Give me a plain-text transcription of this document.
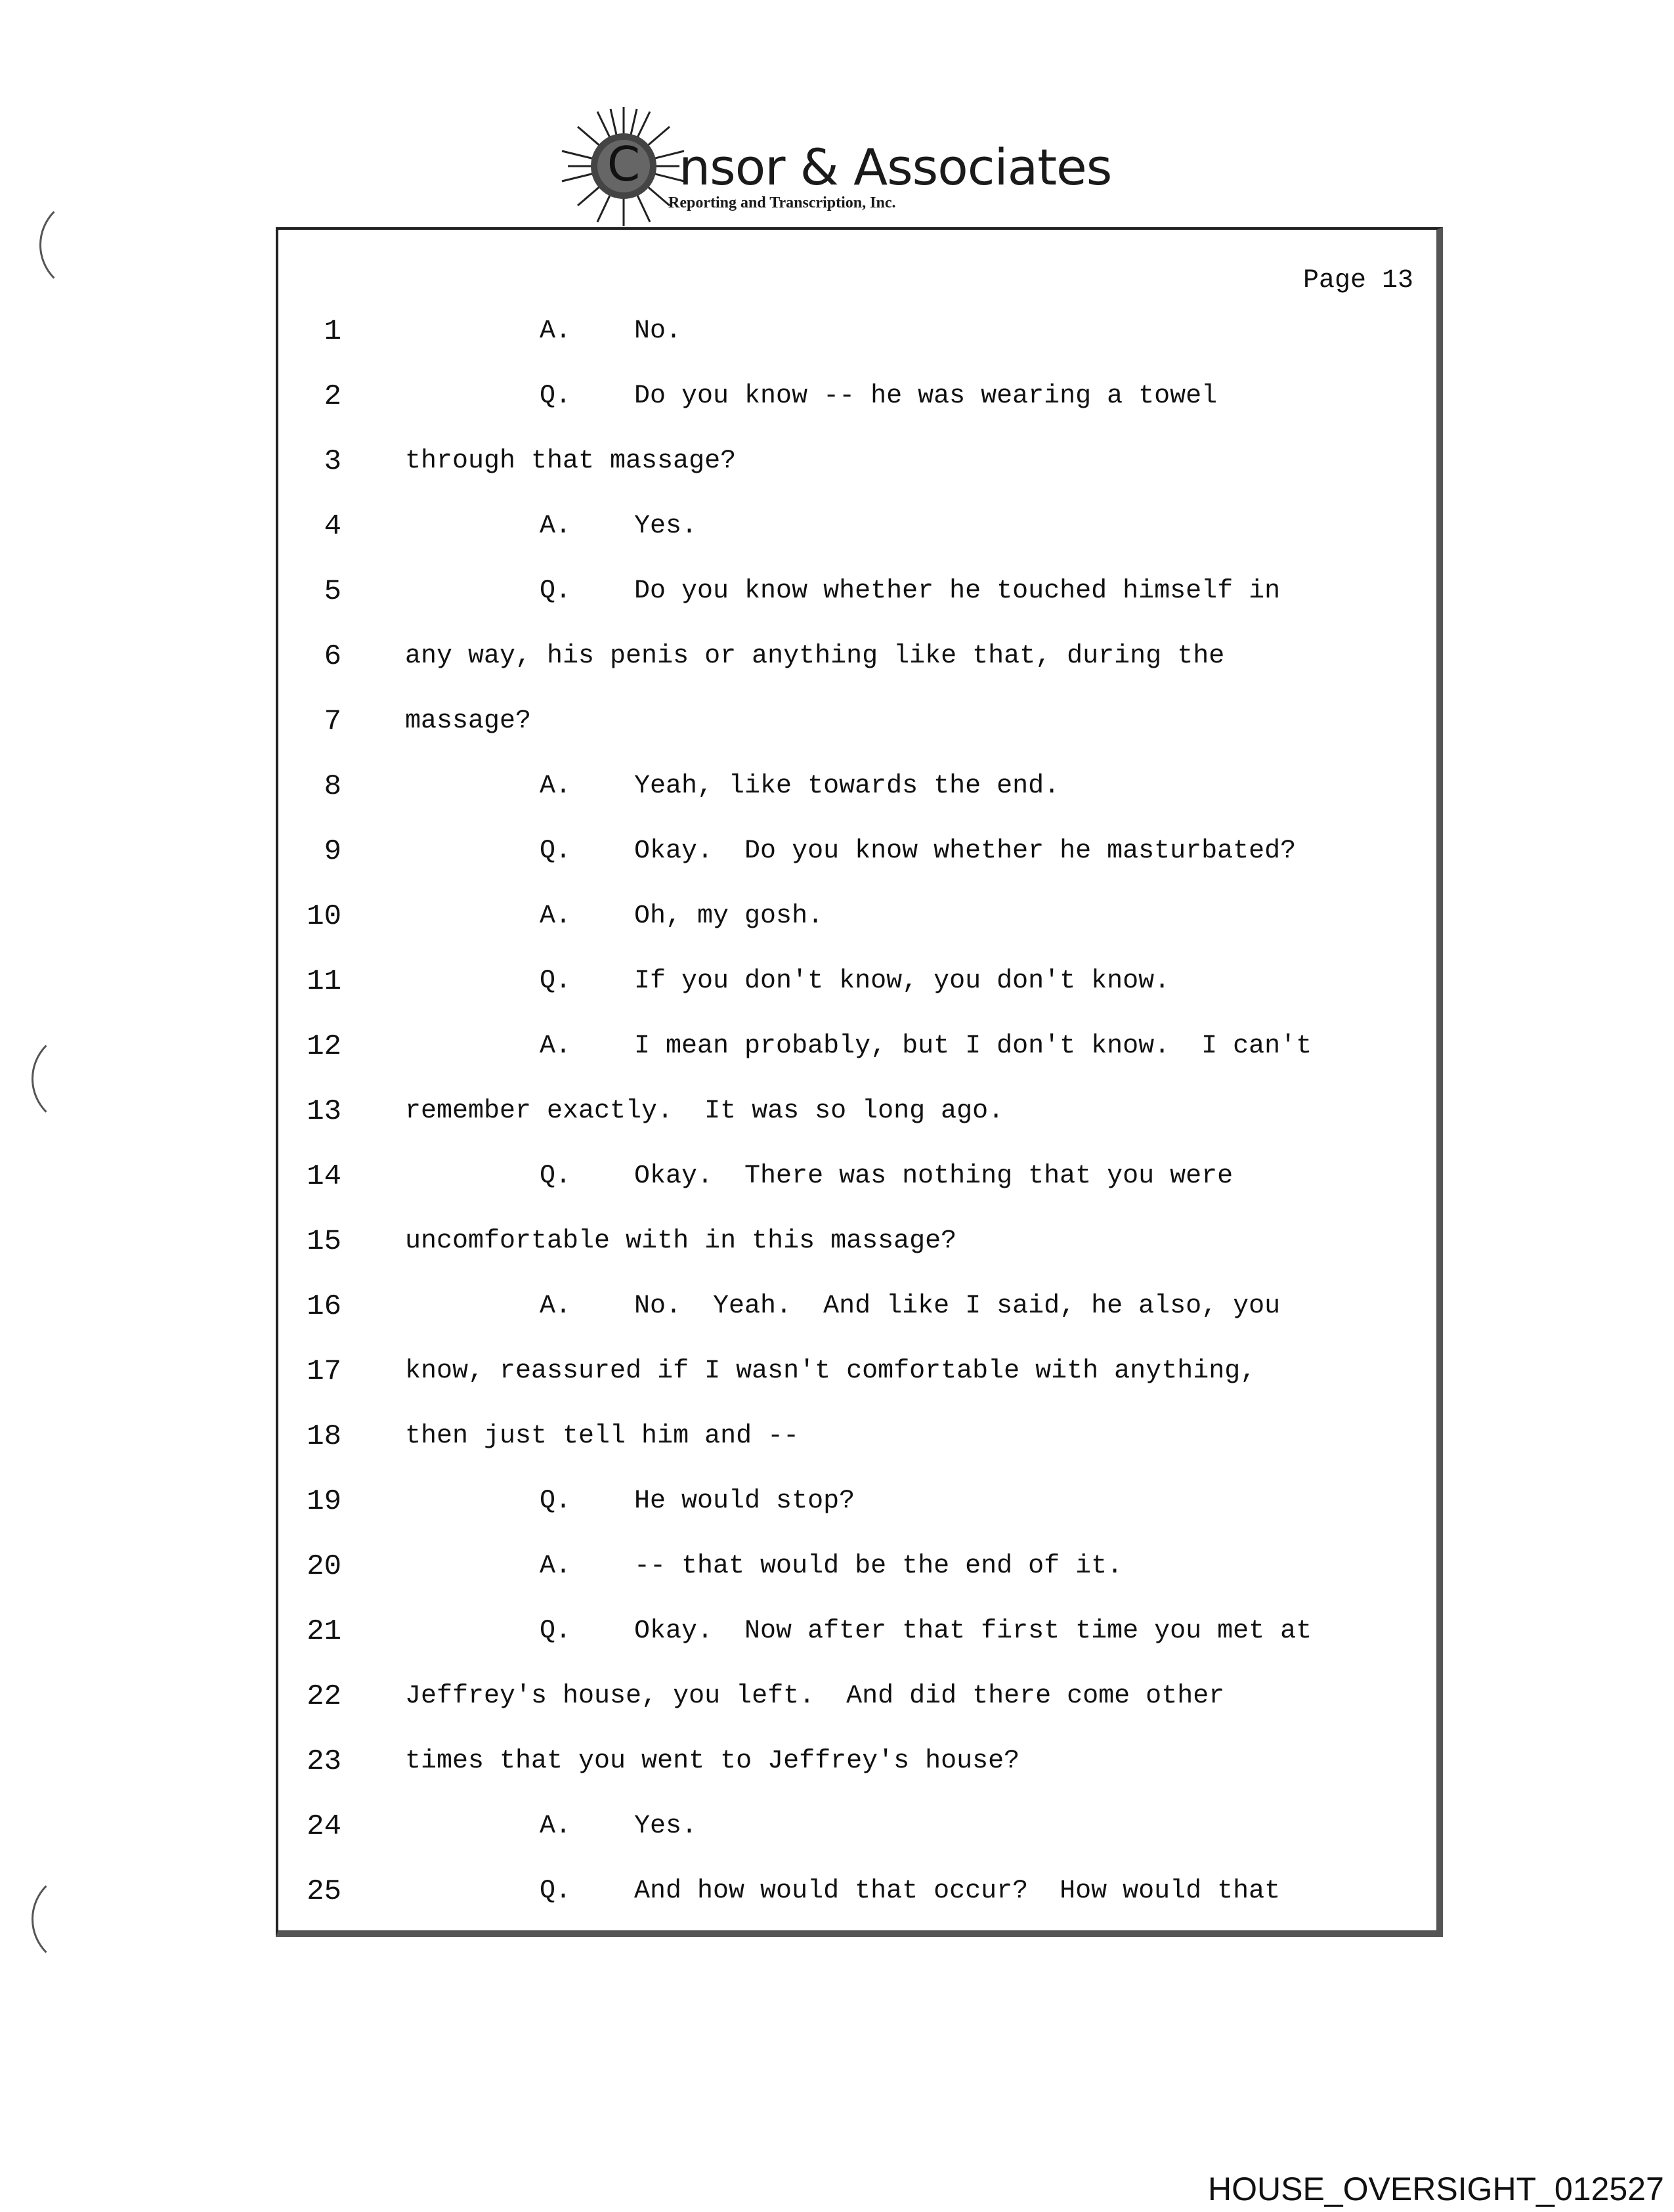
C nsor & Associates
Reporting and Transcription, Inc.
Page 13
1	A.    No.
2	Q.    Do you know -- he was wearing a towel
3 through that massage?
4	A.    Yes.
5	Q.    Do you know whether he touched himself in
6 any way, his penis or anything like that, during the
7 massage?
8	A.    Yeah, like towards the end.
9	Q.    Okay.  Do you know whether he masturbated?
10	A.    Oh, my gosh.
11	Q.    If you don't know, you don't know.
12	A.    I mean probably, but I don't know.  I can't
13 remember exactly.  It was so long ago.
14	Q.    Okay.  There was nothing that you were
15 uncomfortable with in this massage?
16	A.    No.  Yeah.  And like I said, he also, you
17 know, reassured if I wasn't comfortable with anything,
18 then just tell him and --
19	Q.    He would stop?
20	A.    -- that would be the end of it.
21	Q.    Okay.  Now after that first time you met at
22 Jeffrey's house, you left.  And did there come other
23 times that you went to Jeffrey's house?
24	A.    Yes.
25	Q.    And how would that occur?  How would that
HOUSE_OVERSIGHT_012527
